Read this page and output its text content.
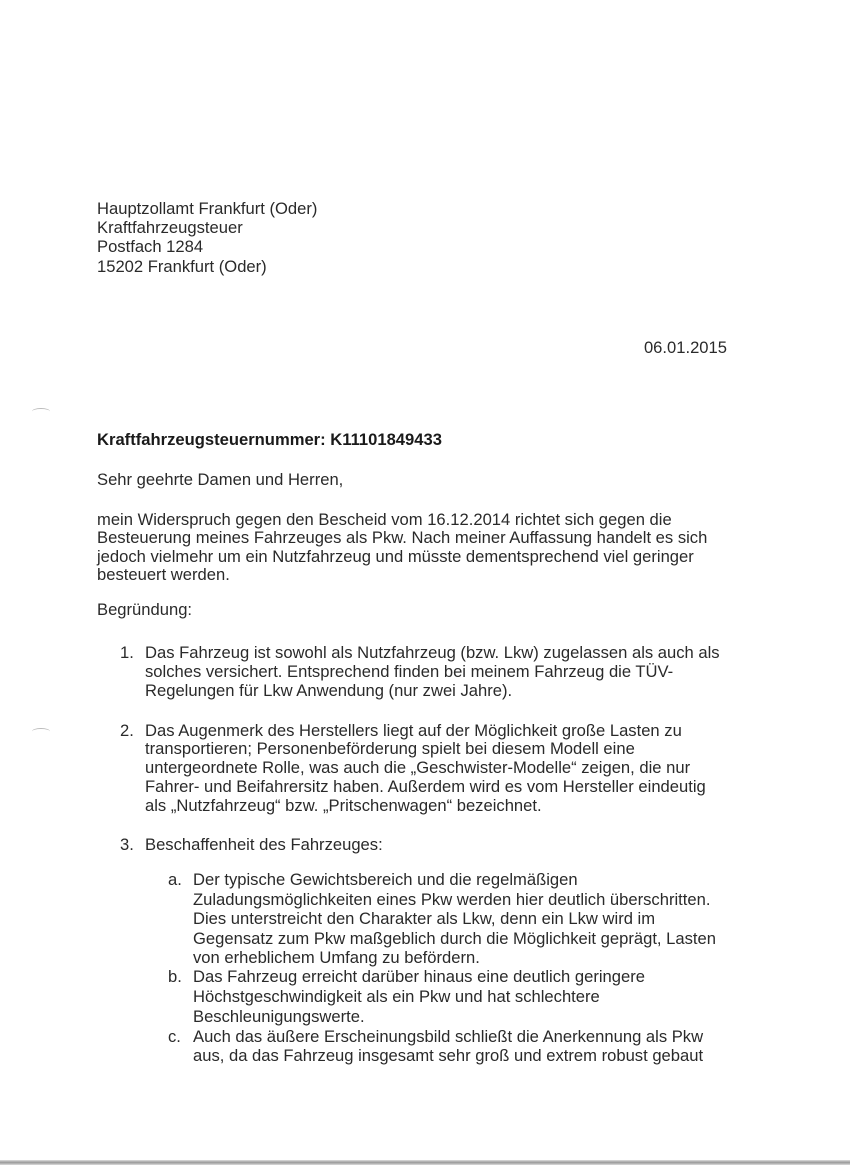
Hauptzollamt Frankfurt (Oder)
Kraftfahrzeugsteuer
Postfach 1284
15202 Frankfurt (Oder)
06.01.2015
Kraftfahrzeugsteuernummer: K11101849433
Sehr geehrte Damen und Herren,
mein Widerspruch gegen den Bescheid vom 16.12.2014 richtet sich gegen die
Besteuerung meines Fahrzeuges als Pkw. Nach meiner Auffassung handelt es sich
jedoch vielmehr um ein Nutzfahrzeug und müsste dementsprechend viel geringer
besteuert werden.
Begründung:
1. Das Fahrzeug ist sowohl als Nutzfahrzeug (bzw. Lkw) zugelassen als auch als
solches versichert. Entsprechend finden bei meinem Fahrzeug die TÜV-
Regelungen für Lkw Anwendung (nur zwei Jahre).
2. Das Augenmerk des Herstellers liegt auf der Möglichkeit große Lasten zu
transportieren; Personenbeförderung spielt bei diesem Modell eine
untergeordnete Rolle, was auch die „Geschwister-Modelle“ zeigen, die nur
Fahrer- und Beifahrersitz haben. Außerdem wird es vom Hersteller eindeutig
als „Nutzfahrzeug“ bzw. „Pritschenwagen“ bezeichnet.
3. Beschaffenheit des Fahrzeuges:
a. Der typische Gewichtsbereich und die regelmäßigen
Zuladungsmöglichkeiten eines Pkw werden hier deutlich überschritten.
Dies unterstreicht den Charakter als Lkw, denn ein Lkw wird im
Gegensatz zum Pkw maßgeblich durch die Möglichkeit geprägt, Lasten
von erheblichem Umfang zu befördern.
b. Das Fahrzeug erreicht darüber hinaus eine deutlich geringere
Höchstgeschwindigkeit als ein Pkw und hat schlechtere
Beschleunigungswerte.
c. Auch das äußere Erscheinungsbild schließt die Anerkennung als Pkw
aus, da das Fahrzeug insgesamt sehr groß und extrem robust gebaut
